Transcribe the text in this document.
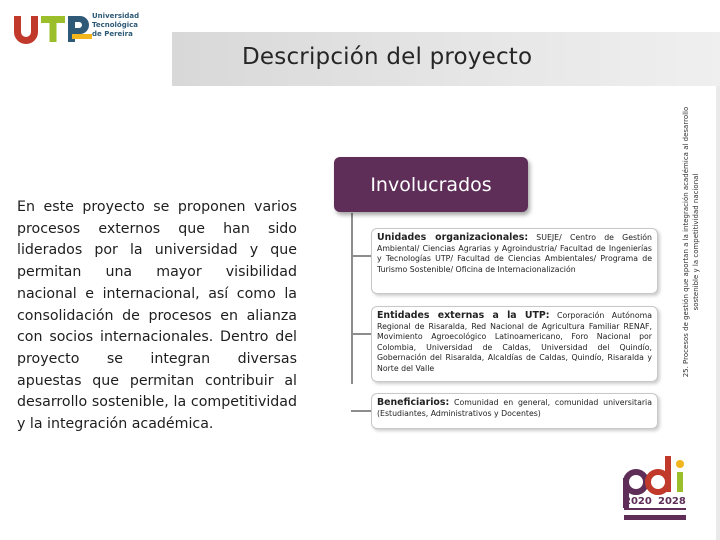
Universidad
Tecnológica
de Pereira
Descripción del proyecto
25. Procesos de gestión que aportan a la integración académica al desarrollo sostenible y la competitividad nacional
En este proyecto se proponen varios procesos externos que han sido liderados por la universidad y que permitan una mayor visibilidad nacional e internacional, así como la consolidación de procesos en alianza con socios internacionales. Dentro del proyecto se integran diversas apuestas que permitan contribuir al desarrollo sostenible, la competitividad y la integración académica.
Involucrados
Unidades organizacionales: SUEJE/ Centro de Gestión Ambiental/ Ciencias Agrarias y Agroindustria/ Facultad de Ingenierías y Tecnologías UTP/ Facultad de Ciencias Ambientales/ Programa de Turismo Sostenible/ Oficina de Internacionalización
Entidades externas a la UTP: Corporación Autónoma Regional de Risaralda, Red Nacional de Agricultura Familiar RENAF, Movimiento Agroecológico Latinoamericano, Foro Nacional por Colombia, Universidad de Caldas, Universidad del Quindío, Gobernación del Risaralda, Alcaldías de Caldas, Quindío, Risaralda y Norte del Valle
Beneficiarios: Comunidad en general, comunidad universitaria (Estudiantes, Administrativos y Docentes)
2020 2028
